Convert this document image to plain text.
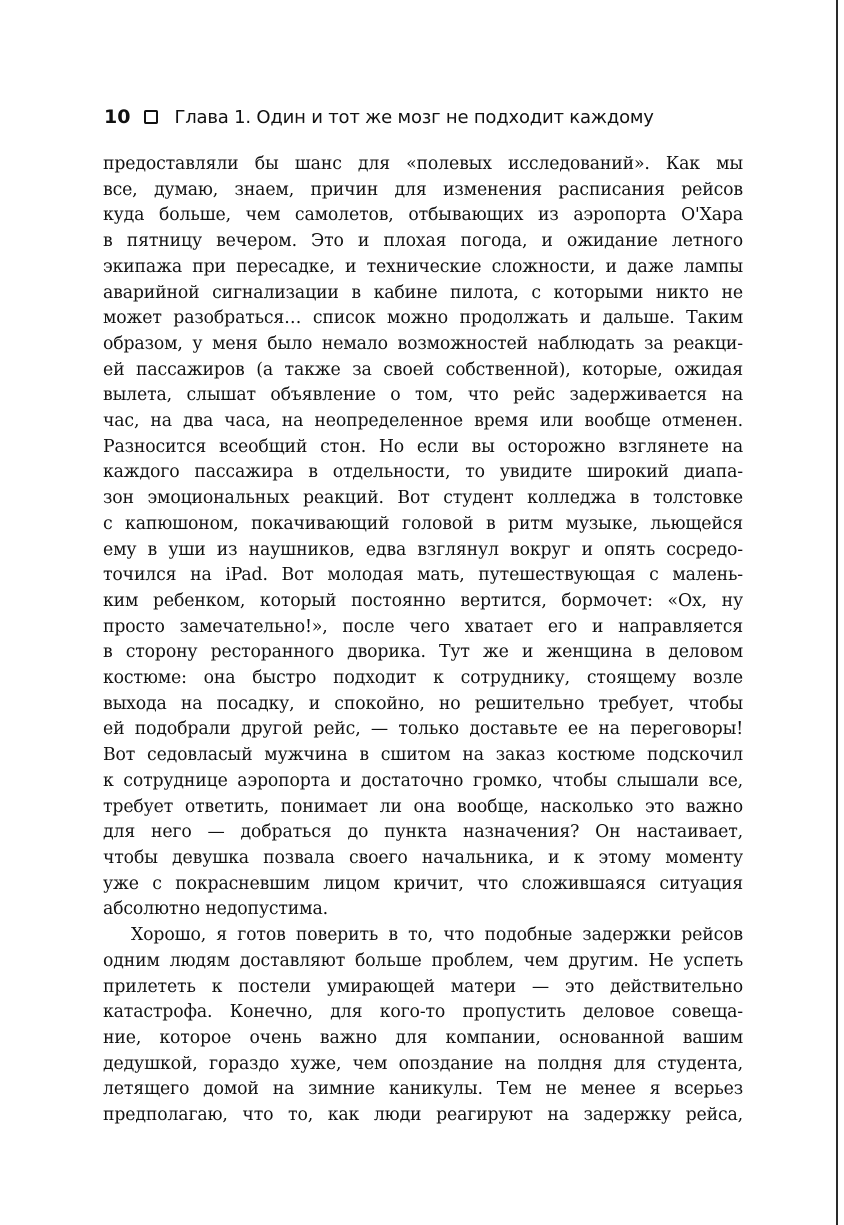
10 Глава 1. Один и тот же мозг не подходит каждому
предоставляли бы шанс для «полевых исследований». Как мы
все, думаю, знаем, причин для изменения расписания рейсов
куда больше, чем самолетов, отбывающих из аэропорта О'Хара
в пятницу вечером. Это и плохая погода, и ожидание летного
экипажа при пересадке, и технические сложности, и даже лампы
аварийной сигнализации в кабине пилота, с которыми никто не
может разобраться… список можно продолжать и дальше. Таким
образом, у меня было немало возможностей наблюдать за реакци-
ей пассажиров (а также за своей собственной), которые, ожидая
вылета, слышат объявление о том, что рейс задерживается на
час, на два часа, на неопределенное время или вообще отменен.
Разносится всеобщий стон. Но если вы осторожно взглянете на
каждого пассажира в отдельности, то увидите широкий диапа-
зон эмоциональных реакций. Вот студент колледжа в толстовке
с капюшоном, покачивающий головой в ритм музыке, льющейся
ему в уши из наушников, едва взглянул вокруг и опять сосредо-
точился на iPad. Вот молодая мать, путешествующая с малень-
ким ребенком, который постоянно вертится, бормочет: «Ох, ну
просто замечательно!», после чего хватает его и направляется
в сторону ресторанного дворика. Тут же и женщина в деловом
костюме: она быстро подходит к сотруднику, стоящему возле
выхода на посадку, и спокойно, но решительно требует, чтобы
ей подобрали другой рейс, — только доставьте ее на переговоры!
Вот седовласый мужчина в сшитом на заказ костюме подскочил
к сотруднице аэропорта и достаточно громко, чтобы слышали все,
требует ответить, понимает ли она вообще, насколько это важно
для него — добраться до пункта назначения? Он настаивает,
чтобы девушка позвала своего начальника, и к этому моменту
уже с покрасневшим лицом кричит, что сложившаяся ситуация
абсолютно недопустима.
Хорошо, я готов поверить в то, что подобные задержки рейсов
одним людям доставляют больше проблем, чем другим. Не успеть
прилететь к постели умирающей матери — это действительно
катастрофа. Конечно, для кого-то пропустить деловое совеща-
ние, которое очень важно для компании, основанной вашим
дедушкой, гораздо хуже, чем опоздание на полдня для студента,
летящего домой на зимние каникулы. Тем не менее я всерьез
предполагаю, что то, как люди реагируют на задержку рейса,
